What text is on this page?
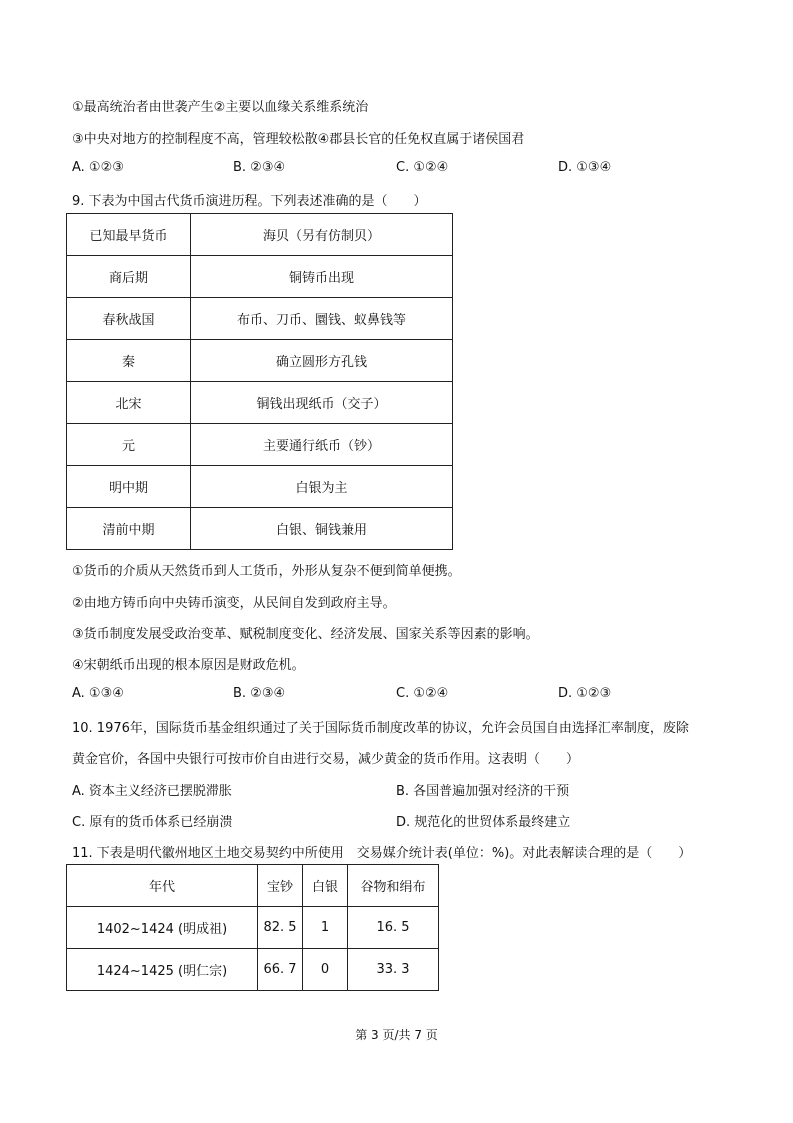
①最高统治者由世袭产生②主要以血缘关系维系统治
③中央对地方的控制程度不高，管理较松散④郡县长官的任免权直属于诸侯国君
A. ①②③	B. ②③④	C. ①②④	D. ①③④
9. 下表为中国古代货币演进历程。下列表述准确的是（　　）
已知最早货币	海贝（另有仿制贝）
商后期	铜铸币出现
春秋战国	布币、刀币、圜钱、蚁鼻钱等
秦	确立圆形方孔钱
北宋	铜钱出现纸币（交子）
元	主要通行纸币（钞）
明中期	白银为主
清前中期	白银、铜钱兼用
①货币的介质从天然货币到人工货币，外形从复杂不便到简单便携。
②由地方铸币向中央铸币演变，从民间自发到政府主导。
③货币制度发展受政治变革、赋税制度变化、经济发展、国家关系等因素的影响。
④宋朝纸币出现的根本原因是财政危机。
A. ①③④	B. ②③④	C. ①②④	D. ①②③
10. 1976年，国际货币基金组织通过了关于国际货币制度改革的协议，允许会员国自由选择汇率制度，废除
黄金官价，各国中央银行可按市价自由进行交易，减少黄金的货币作用。这表明（　　）
A. 资本主义经济已摆脱滞胀	B. 各国普遍加强对经济的干预
C. 原有的货币体系已经崩溃	D. 规范化的世贸体系最终建立
11. 下表是明代徽州地区土地交易契约中所使用　交易媒介统计表(单位：%)。对此表解读合理的是（　　）
年代	宝钞	白银	谷物和绢布
1402~1424 (明成祖)	82. 5	1	16. 5
1424~1425 (明仁宗)	66. 7	0	33. 3
第 3 页/共 7 页
